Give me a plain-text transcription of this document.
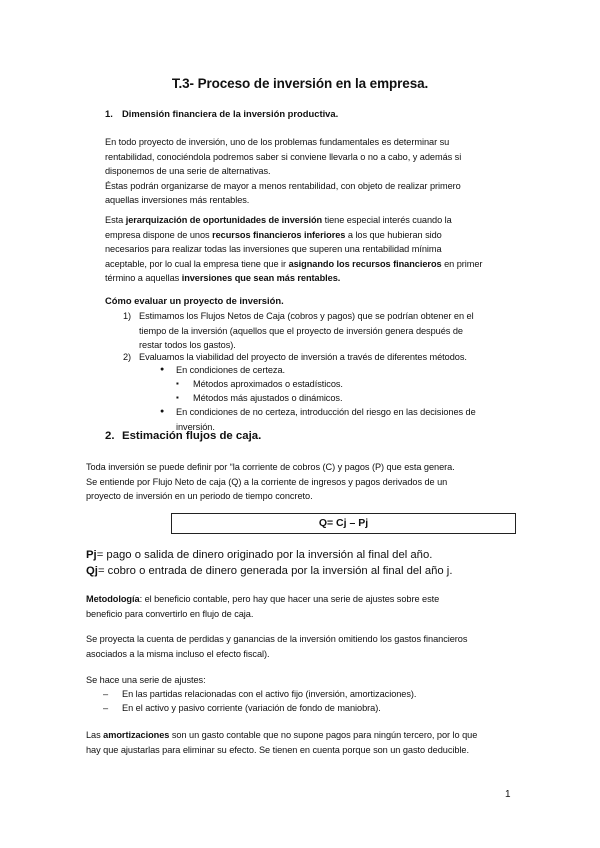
T.3- Proceso de inversión en la empresa.
1. Dimensión financiera de la inversión productiva.
En todo proyecto de inversión, uno de los problemas fundamentales es determinar su
rentabilidad, conociéndola podremos saber si conviene llevarla o no a cabo, y además si
disponemos de una serie de alternativas.
Éstas podrán organizarse de mayor a menos rentabilidad, con objeto de realizar primero
aquellas inversiones más rentables.
Esta jerarquización de oportunidades de inversión tiene especial interés cuando la
empresa dispone de unos recursos financieros inferiores a los que hubieran sido
necesarios para realizar todas las inversiones que superen una rentabilidad mínima
aceptable, por lo cual la empresa tiene que ir asignando los recursos financieros en primer
término a aquellas inversiones que sean más rentables.
Cómo evaluar un proyecto de inversión.
1) Estimamos los Flujos Netos de Caja (cobros y pagos) que se podrían obtener en el
tiempo de la inversión (aquellos que el proyecto de inversión genera después de
restar todos los gastos).
2) Evaluamos la viabilidad del proyecto de inversión a través de diferentes métodos.
● En condiciones de certeza.
▪ Métodos aproximados o estadísticos.
▪ Métodos más ajustados o dinámicos.
● En condiciones de no certeza, introducción del riesgo en las decisiones de
inversión.
2. Estimación flujos de caja.
Toda inversión se puede definir por “la corriente de cobros (C) y pagos (P) que esta genera.
Se entiende por Flujo Neto de caja (Q) a la corriente de ingresos y pagos derivados de un
proyecto de inversión en un periodo de tiempo concreto.
Q= Cj – Pj
Pj= pago o salida de dinero originado por la inversión al final del año.
Qj= cobro o entrada de dinero generada por la inversión al final del año j.
Metodología: el beneficio contable, pero hay que hacer una serie de ajustes sobre este
beneficio para convertirlo en flujo de caja.
Se proyecta la cuenta de perdidas y ganancias de la inversión omitiendo los gastos financieros
asociados a la misma incluso el efecto fiscal).
Se hace una serie de ajustes:
– En las partidas relacionadas con el activo fijo (inversión, amortizaciones).
– En el activo y pasivo corriente (variación de fondo de maniobra).
Las amortizaciones son un gasto contable que no supone pagos para ningún tercero, por lo que
hay que ajustarlas para eliminar su efecto. Se tienen en cuenta porque son un gasto deducible.
1
